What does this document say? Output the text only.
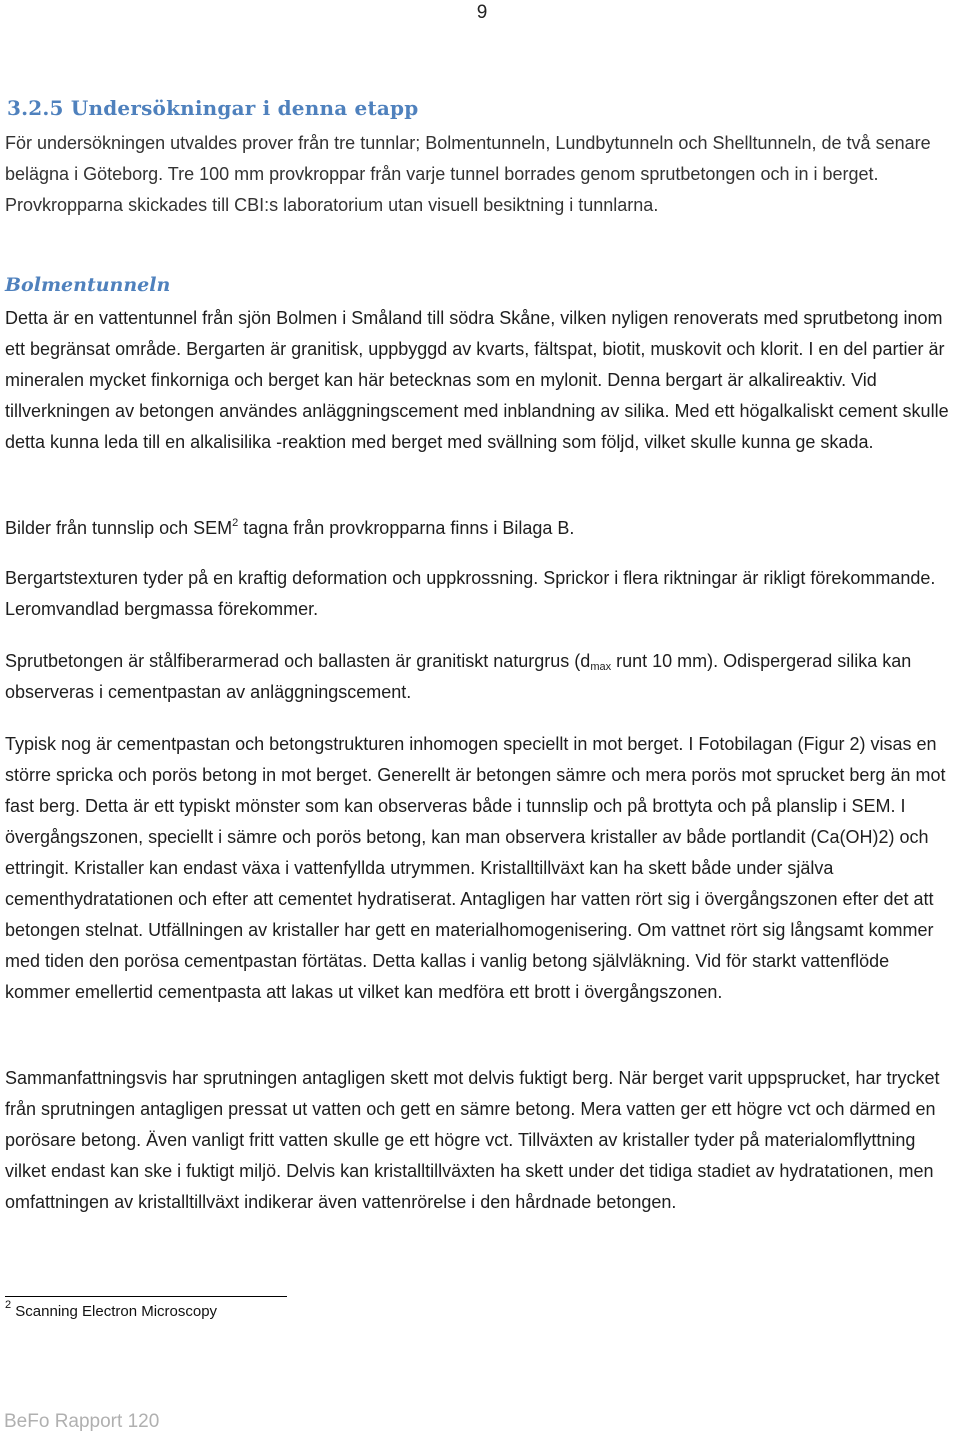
9
3.2.5 Undersökningar i denna etapp
För undersökningen utvaldes prover från tre tunnlar; Bolmentunneln, Lundbytunneln och Shelltunneln, de två senare belägna i Göteborg. Tre 100 mm provkroppar från varje tunnel borrades genom sprutbetongen och in i berget. Provkropparna skickades till CBI:s laboratorium utan visuell besiktning i tunnlarna.
Bolmentunneln
Detta är en vattentunnel från sjön Bolmen i Småland till södra Skåne, vilken nyligen renoverats med sprutbetong inom ett begränsat område. Bergarten är granitisk, uppbyggd av kvarts, fältspat, biotit, muskovit och klorit. I en del partier är mineralen mycket finkorniga och berget kan här betecknas som en mylonit. Denna bergart är alkalireaktiv. Vid tillverkningen av betongen användes anläggningscement med inblandning av silika. Med ett högalkaliskt cement skulle detta kunna leda till en alkalisilika -reaktion med berget med svällning som följd, vilket skulle kunna ge skada.
Bilder från tunnslip och SEM$^2$ tagna från provkropparna finns i Bilaga B.
Bergartstexturen tyder på en kraftig deformation och uppkrossning. Sprickor i flera riktningar är rikligt förekommande. Leromvandlad bergmassa förekommer.
Sprutbetongen är stålfiberarmerad och ballasten är granitiskt naturgrus ($d_{max}$ runt 10 mm). Odispergerad silika kan observeras i cementpastan av anläggningscement.
Typisk nog är cementpastan och betongstrukturen inhomogen speciellt in mot berget. I Fotobilagan (Figur 2) visas en större spricka och porös betong in mot berget. Generellt är betongen sämre och mera porös mot sprucket berg än mot fast berg. Detta är ett typiskt mönster som kan observeras både i tunnslip och på brottyta och på planslip i SEM. I övergångszonen, speciellt i sämre och porös betong, kan man observera kristaller av både portlandit (Ca(OH)2) och ettringit. Kristaller kan endast växa i vattenfyllda utrymmen. Kristalltillväxt kan ha skett både under själva cementhydratationen och efter att cementet hydratiserat. Antagligen har vatten rört sig i övergångszonen efter det att betongen stelnat. Utfällningen av kristaller har gett en materialhomogenisering. Om vattnet rört sig långsamt kommer med tiden den porösa cementpastan förtätas. Detta kallas i vanlig betong självläkning. Vid för starkt vattenflöde kommer emellertid cementpasta att lakas ut vilket kan medföra ett brott i övergångszonen.
Sammanfattningsvis har sprutningen antagligen skett mot delvis fuktigt berg. När berget varit uppsprucket, har trycket från sprutningen antagligen pressat ut vatten och gett en sämre betong. Mera vatten ger ett högre vct och därmed en porösare betong. Även vanligt fritt vatten skulle ge ett högre vct. Tillväxten av kristaller tyder på materialomflyttning vilket endast kan ske i fuktigt miljö. Delvis kan kristalltillväxten ha skett under det tidiga stadiet av hydratationen, men omfattningen av kristalltillväxt indikerar även vattenrörelse i den hårdnade betongen.
$^2$ Scanning Electron Microscopy
BeFo Rapport 120
